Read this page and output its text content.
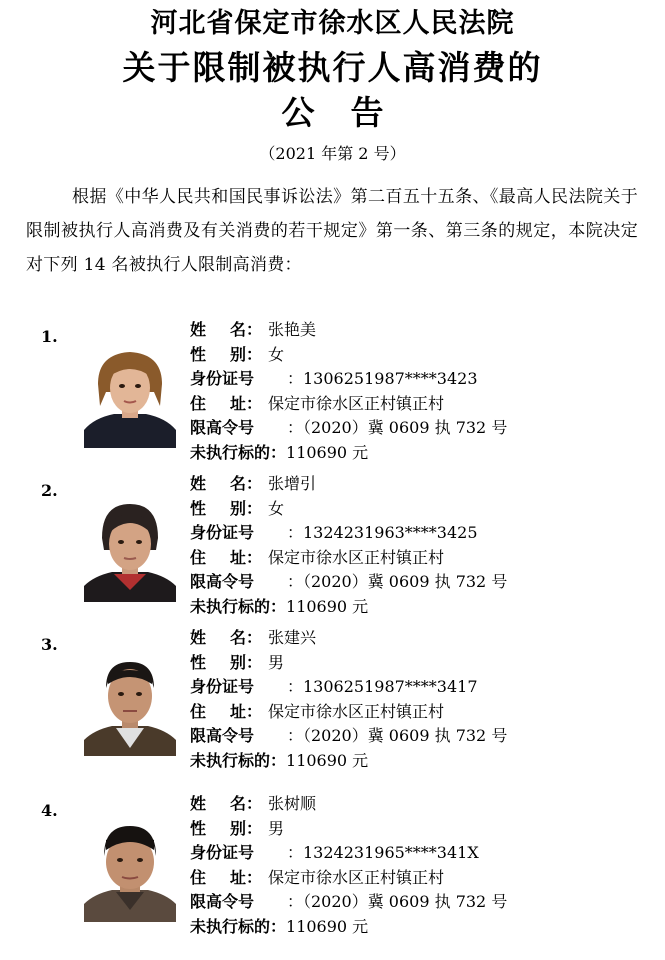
河北省保定市徐水区人民法院
关于限制被执行人高消费的
公告
（2021 年第 2 号）
根据《中华人民共和国民事诉讼法》第二百五十五条、《最高人民法院关于限制被执行人高消费及有关消费的若干规定》第一条、第三条的规定，本院决定对下列 14 名被执行人限制高消费：
1.	姓 名： 张艳美
性 别： 女
身份证号 ：1306251987****3423
住 址： 保定市徐水区正村镇正村
限高令号 ：（2020）冀 0609 执 732 号
未执行标的：110690 元
2.	姓 名： 张增引
性 别： 女
身份证号 ：1324231963****3425
住 址： 保定市徐水区正村镇正村
限高令号 ：（2020）冀 0609 执 732 号
未执行标的：110690 元
3.	姓 名： 张建兴
性 别： 男
身份证号 ：1306251987****3417
住 址： 保定市徐水区正村镇正村
限高令号 ：（2020）冀 0609 执 732 号
未执行标的：110690 元
4.	姓 名： 张树顺
性 别： 男
身份证号 ：1324231965****341X
住 址： 保定市徐水区正村镇正村
限高令号 ：（2020）冀 0609 执 732 号
未执行标的：110690 元
